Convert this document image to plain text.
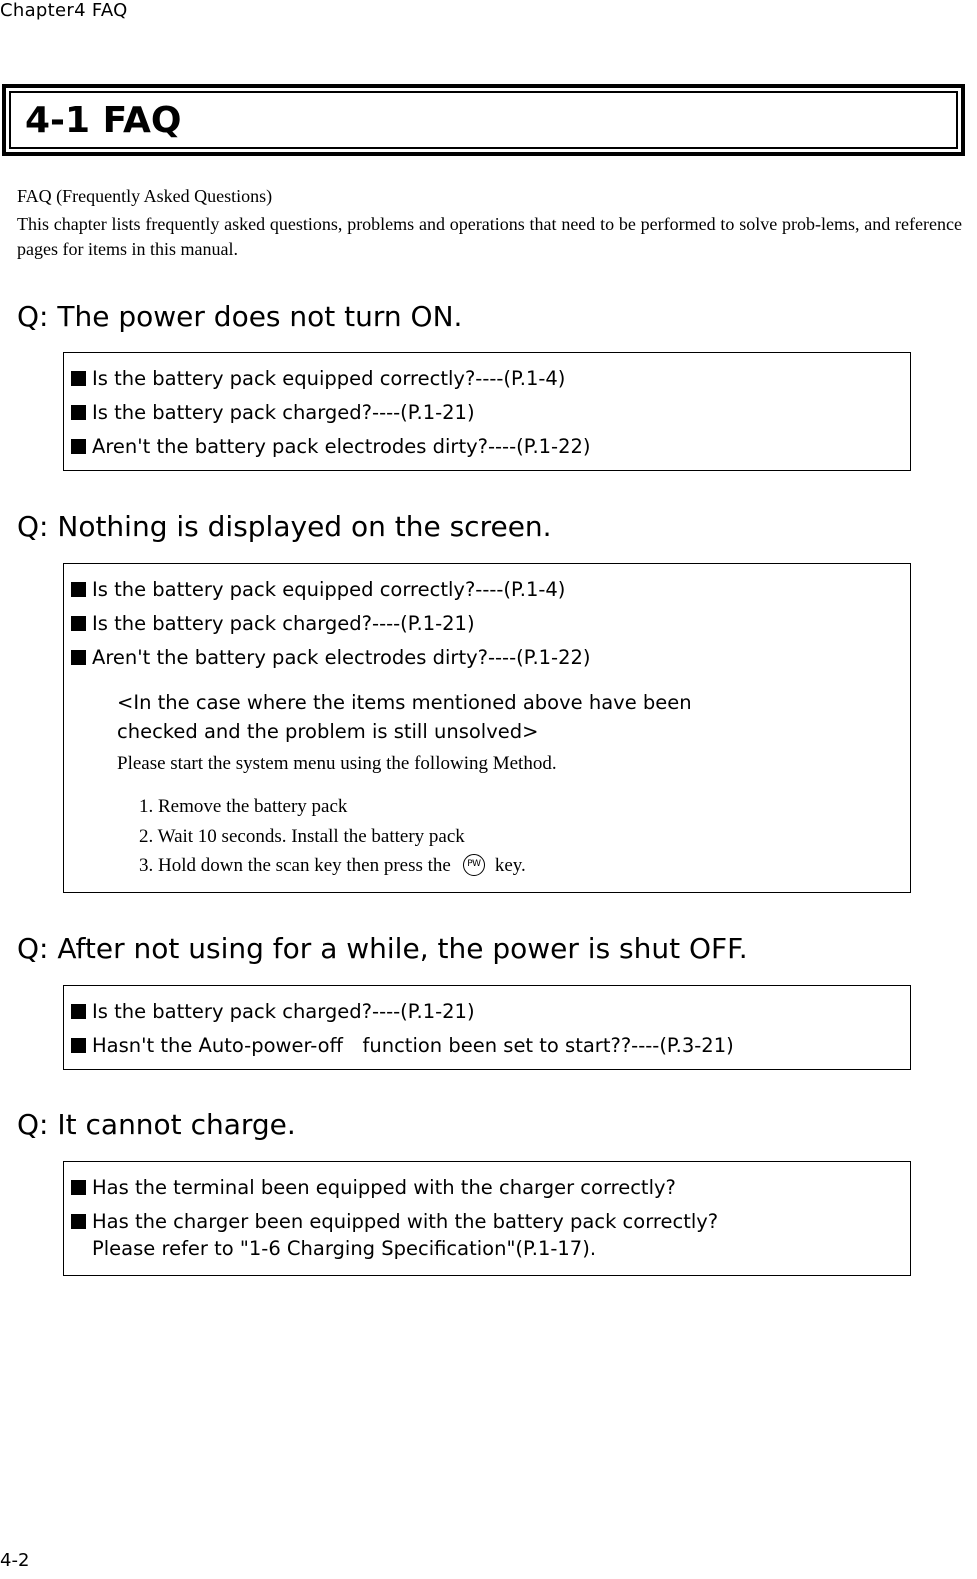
Chapter4 FAQ
4-1 FAQ

FAQ (Frequently Asked Questions)

This chapter lists frequently asked questions, problems and operations that need to be performed to solve prob-lems, and reference pages for items in this manual.

Q: The power does not turn ON.
Is the battery pack equipped correctly?----(P.1-4)
Is the battery pack charged?----(P.1-21)
Aren't the battery pack electrodes dirty?----(P.1-22)
Q: Nothing is displayed on the screen.
Is the battery pack equipped correctly?----(P.1-4)
Is the battery pack charged?----(P.1-21)
Aren't the battery pack electrodes dirty?----(P.1-22)
<In the case where the items mentioned above have been
checked and the problem is still unsolved>
Please start the system menu using the following Method.
1. Remove the battery pack
2. Wait 10 seconds. Install the battery pack
3. Hold down the scan key then press the PW key.
Q: After not using for a while, the power is shut OFF.
Is the battery pack charged?----(P.1-21)
Hasn't the Auto-power-off　function been set to start??----(P.3-21)
Q: It cannot charge.
Has the terminal been equipped with the charger correctly?
Has the charger been equipped with the battery pack correctly?
Please refer to "1-6 Charging Specification"(P.1-17).
4-2
